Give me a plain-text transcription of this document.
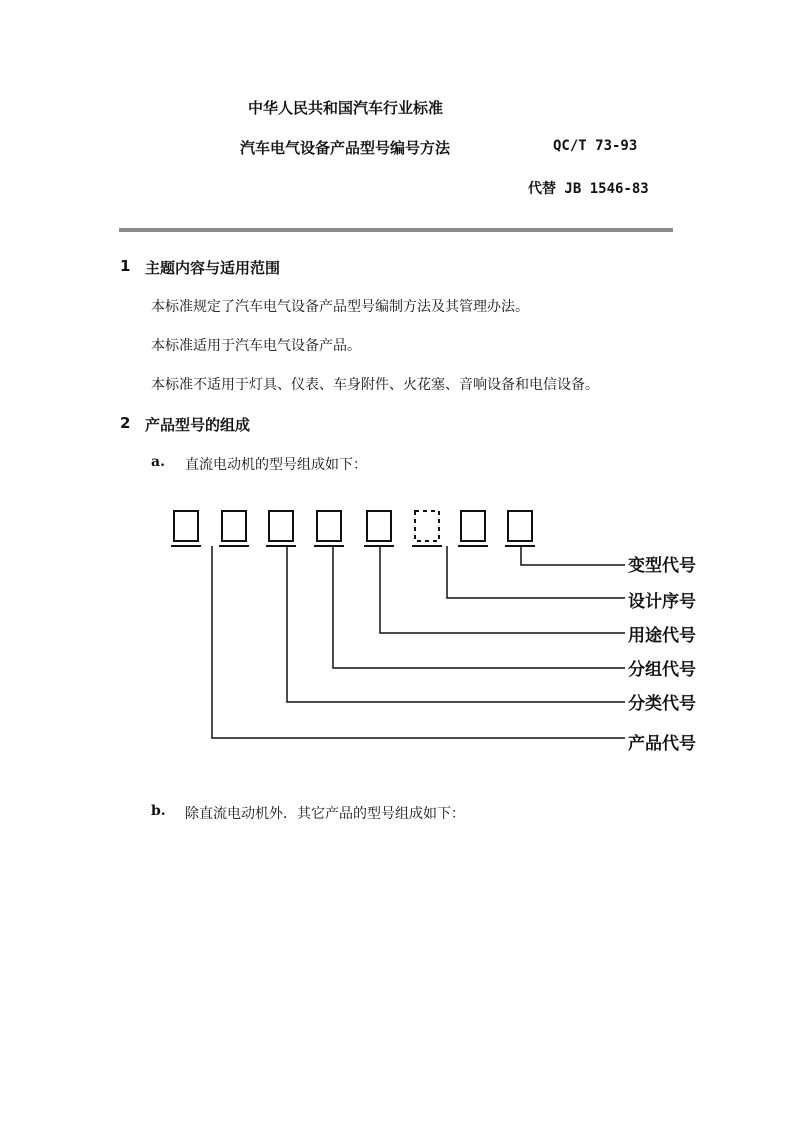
中华人民共和国汽车行业标准
汽车电气设备产品型号编号方法	QC/T 73-93
代替 JB 1546-83
1 主题内容与适用范围
本标准规定了汽车电气设备产品型号编制方法及其管理办法。
本标准适用于汽车电气设备产品。
本标准不适用于灯具、仪表、车身附件、火花塞、音响设备和电信设备。
2 产品型号的组成
a. 直流电动机的型号组成如下：
变型代号
设计序号
用途代号
分组代号
分类代号
产品代号
b. 除直流电动机外．其它产品的型号组成如下：
